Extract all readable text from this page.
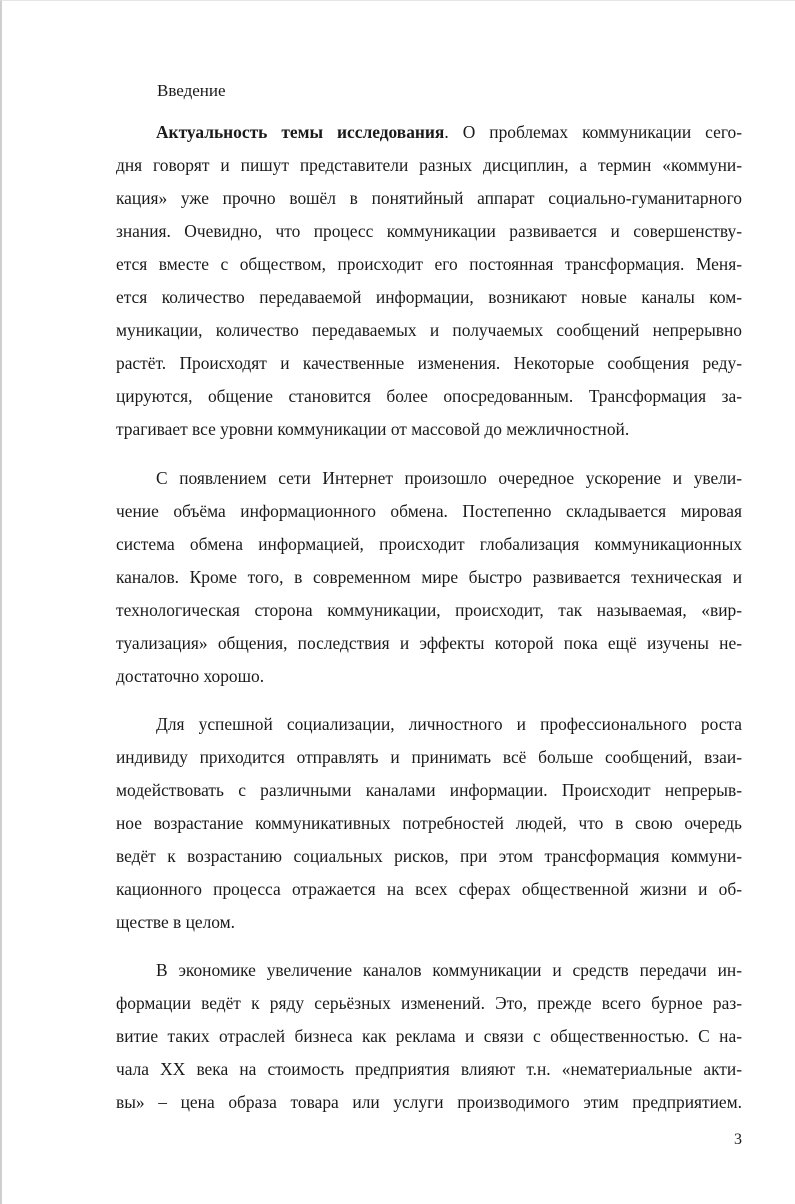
Введение
Актуальность темы исследования. О проблемах коммуникации сего-
дня говорят и пишут представители разных дисциплин, а термин «коммуни-
кация» уже прочно вошёл в понятийный аппарат социально-гуманитарного
знания. Очевидно, что процесс коммуникации развивается и совершенству-
ется вместе с обществом, происходит его постоянная трансформация. Меня-
ется количество передаваемой информации, возникают новые каналы ком-
муникации, количество передаваемых и получаемых сообщений непрерывно
растёт. Происходят и качественные изменения. Некоторые сообщения реду-
цируются, общение становится более опосредованным. Трансформация за-
трагивает все уровни коммуникации от массовой до межличностной.
С появлением сети Интернет произошло очередное ускорение и увели-
чение объёма информационного обмена. Постепенно складывается мировая
система обмена информацией, происходит глобализация коммуникационных
каналов. Кроме того, в современном мире быстро развивается техническая и
технологическая сторона коммуникации, происходит, так называемая, «вир-
туализация» общения, последствия и эффекты которой пока ещё изучены не-
достаточно хорошо.
Для успешной социализации, личностного и профессионального роста
индивиду приходится отправлять и принимать всё больше сообщений, взаи-
модействовать с различными каналами информации. Происходит непрерыв-
ное возрастание коммуникативных потребностей людей, что в свою очередь
ведёт к возрастанию социальных рисков, при этом трансформация коммуни-
кационного процесса отражается на всех сферах общественной жизни и об-
ществе в целом.
В экономике увеличение каналов коммуникации и средств передачи ин-
формации ведёт к ряду серьёзных изменений. Это, прежде всего бурное раз-
витие таких отраслей бизнеса как реклама и связи с общественностью. С на-
чала XX века на стоимость предприятия влияют т.н. «нематериальные акти-
вы» – цена образа товара или услуги производимого этим предприятием.
3
